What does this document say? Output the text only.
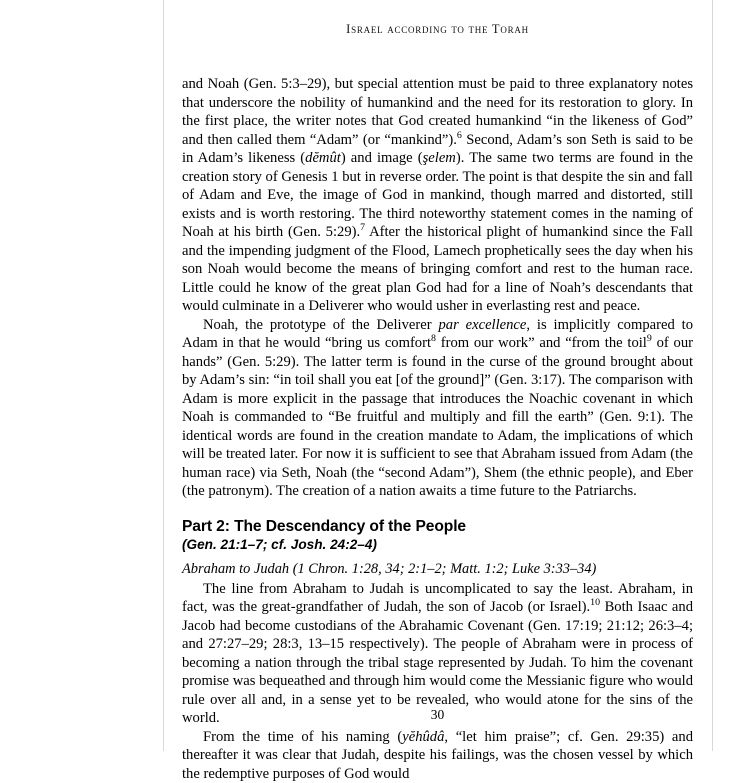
Israel according to the Torah

and Noah (Gen. 5:3–29), but special attention must be paid to three explanatory notes that underscore the nobility of humankind and the need for its restoration to glory. In the first place, the writer notes that God created humankind “in the likeness of God” and then called them “Adam” (or “mankind”).$^6$ Second, Adam’s son Seth is said to be in Adam’s likeness (dĕmût) and image (şelem). The same two terms are found in the creation story of Genesis 1 but in reverse order. The point is that despite the sin and fall of Adam and Eve, the image of God in mankind, though marred and distorted, still exists and is worth restoring. The third noteworthy statement comes in the naming of Noah at his birth (Gen. 5:29).$^7$ After the historical plight of humankind since the Fall and the impending judgment of the Flood, Lamech prophetically sees the day when his son Noah would become the means of bringing comfort and rest to the human race. Little could he know of the great plan God had for a line of Noah’s descendants that would culminate in a Deliverer who would usher in everlasting rest and peace.

Noah, the prototype of the Deliverer par excellence, is implicitly compared to Adam in that he would “bring us comfort$^8$ from our work” and “from the toil$^9$ of our hands” (Gen. 5:29). The latter term is found in the curse of the ground brought about by Adam’s sin: “in toil shall you eat [of the ground]” (Gen. 3:17). The comparison with Adam is more explicit in the passage that introduces the Noachic covenant in which Noah is commanded to “Be fruitful and multiply and fill the earth” (Gen. 9:1). The identical words are found in the creation mandate to Adam, the implications of which will be treated later. For now it is sufficient to see that Abraham issued from Adam (the human race) via Seth, Noah (the “second Adam”), Shem (the ethnic people), and Eber (the patronym). The creation of a nation awaits a time future to the Patriarchs.

Part 2: The Descendancy of the People
(Gen. 21:1–7; cf. Josh. 24:2–4)
Abraham to Judah (1 Chron. 1:28, 34; 2:1–2; Matt. 1:2; Luke 3:33–34)

The line from Abraham to Judah is uncomplicated to say the least. Abraham, in fact, was the great-grandfather of Judah, the son of Jacob (or Israel).$^{10}$ Both Isaac and Jacob had become custodians of the Abrahamic Covenant (Gen. 17:19; 21:12; 26:3–4; and 27:27–29; 28:3, 13–15 respectively). The people of Abraham were in process of becoming a nation through the tribal stage represented by Judah. To him the covenant promise was bequeathed and through him would come the Messianic figure who would rule over all and, in a sense yet to be revealed, who would atone for the sins of the world.

From the time of his naming (yĕhûdâ, “let him praise”; cf. Gen. 29:35) and thereafter it was clear that Judah, despite his failings, was the chosen vessel by which the redemptive purposes of God would

30
